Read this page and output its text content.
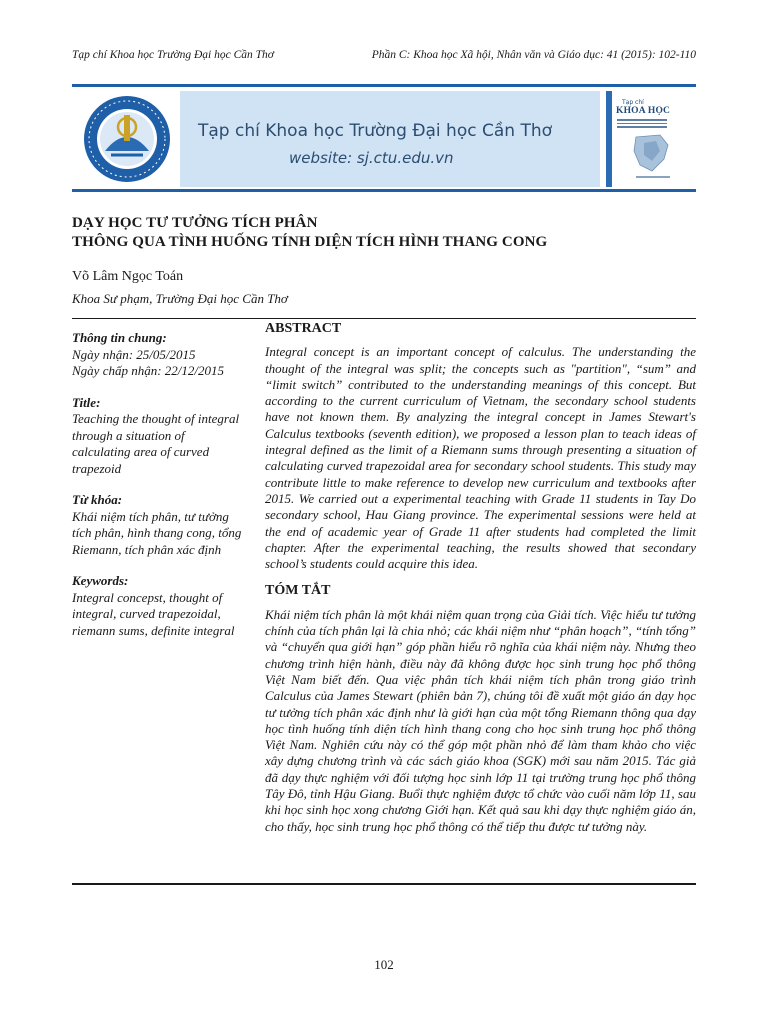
Tạp chí Khoa học Trường Đại học Cần Thơ	Phần C: Khoa học Xã hội, Nhân văn và Giáo dục: 41 (2015): 102-110
Tạp chí Khoa học Trường Đại học Cần Thơ
website: sj.ctu.edu.vn
Tạp chí
KHOA HỌC
DẠY HỌC TƯ TƯỞNG TÍCH PHÂN
THÔNG QUA TÌNH HUỐNG TÍNH DIỆN TÍCH HÌNH THANG CONG
Võ Lâm Ngọc Toán
Khoa Sư phạm, Trường Đại học Cần Thơ
Thông tin chung:

Ngày nhận: 25/05/2015

Ngày chấp nhận: 22/12/2015

Title:

Teaching the thought of integral through a situation of calculating area of curved trapezoid

Từ khóa:

Khái niệm tích phân, tư tưởng tích phân, hình thang cong, tổng Riemann, tích phân xác định

Keywords:

Integral concepst, thought of integral, curved trapezoidal, riemann sums, definite integral

ABSTRACT

Integral concept is an important concept of calculus. The understanding the thought of the integral was split; the concepts such as "partition", “sum” and “limit switch” contributed to the understanding meanings of this concept. But according to the current curriculum of Vietnam, the secondary school students have not known them. By analyzing the integral concept in James Stewart's Calculus textbooks (seventh edition), we proposed a lesson plan to teach ideas of integral defined as the limit of a Riemann sums through presenting a situation of calculating curved trapezoidal area for secondary school students. This study may contribute little to make reference to develop new curriculum and textbooks after 2015. We carried out a experimental teaching with Grade 11 students in Tay Do secondary school, Hau Giang province. The experimental sessions were held at the end of academic year of Grade 11 after students had completed the limit chapter. After the experimental teaching, the results showed that secondary school’s students could acquire this idea.

TÓM TẮT

Khái niệm tích phân là một khái niệm quan trọng của Giải tích. Việc hiểu tư tưởng chính của tích phân lại là chia nhỏ; các khái niệm như “phân hoạch”, “tính tổng” và “chuyển qua giới hạn” góp phần hiểu rõ nghĩa của khái niệm này. Nhưng theo chương trình hiện hành, điều này đã không được học sinh trung học phổ thông Việt Nam biết đến. Qua việc phân tích khái niệm tích phân trong giáo trình Calculus của James Stewart (phiên bản 7), chúng tôi đề xuất một giáo án dạy học tư tưởng tích phân xác định như là giới hạn của một tổng Riemann thông qua dạy học tình huống tính diện tích hình thang cong cho học sinh trung học phổ thông Việt Nam. Nghiên cứu này có thể góp một phần nhỏ để làm tham khảo cho việc xây dựng chương trình và các sách giáo khoa (SGK) mới sau năm 2015. Tác giả đã dạy thực nghiệm với đối tượng học sinh lớp 11 tại trường trung học phổ thông Tây Đô, tỉnh Hậu Giang. Buổi thực nghiệm được tổ chức vào cuối năm lớp 11, sau khi học sinh học xong chương Giới hạn. Kết quả sau khi dạy thực nghiệm giáo án, cho thấy, học sinh trung học phổ thông có thể tiếp thu được tư tưởng này.

102
